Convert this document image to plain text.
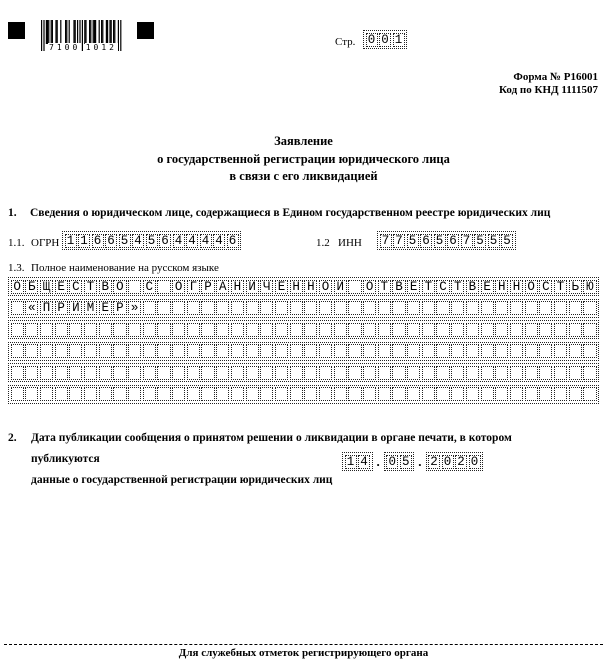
7100 1012	Стр. 0 0 1
Форма № Р16001
Код по КНД 1111507
Заявление
о государственной регистрации юридического лица
в связи с его ликвидацией
1. Сведения о юридическом лице, содержащиеся в Едином государственном реестре юридических лиц
1.1. ОГРН 1 1 6 6 5 4 5 6 4 4 4 4 6	1.2 ИНН 7 7 5 6 5 6 7 5 5 5
1.3. Полное наименование на русском языке
О Б Щ Е С Т В О С О Г Р А Н И Ч Е Н Н О Й О Т В Е Т С Т В Е Н Н О С Т Ь Ю
« П Р И М Е Р »
2. Дата публикации сообщения о принятом решении о ликвидации в органе печати, в котором публикуются
данные о государственной регистрации юридических лиц
1 4 . 0 5 . 2 0 2 0
Для служебных отметок регистрирующего органа
